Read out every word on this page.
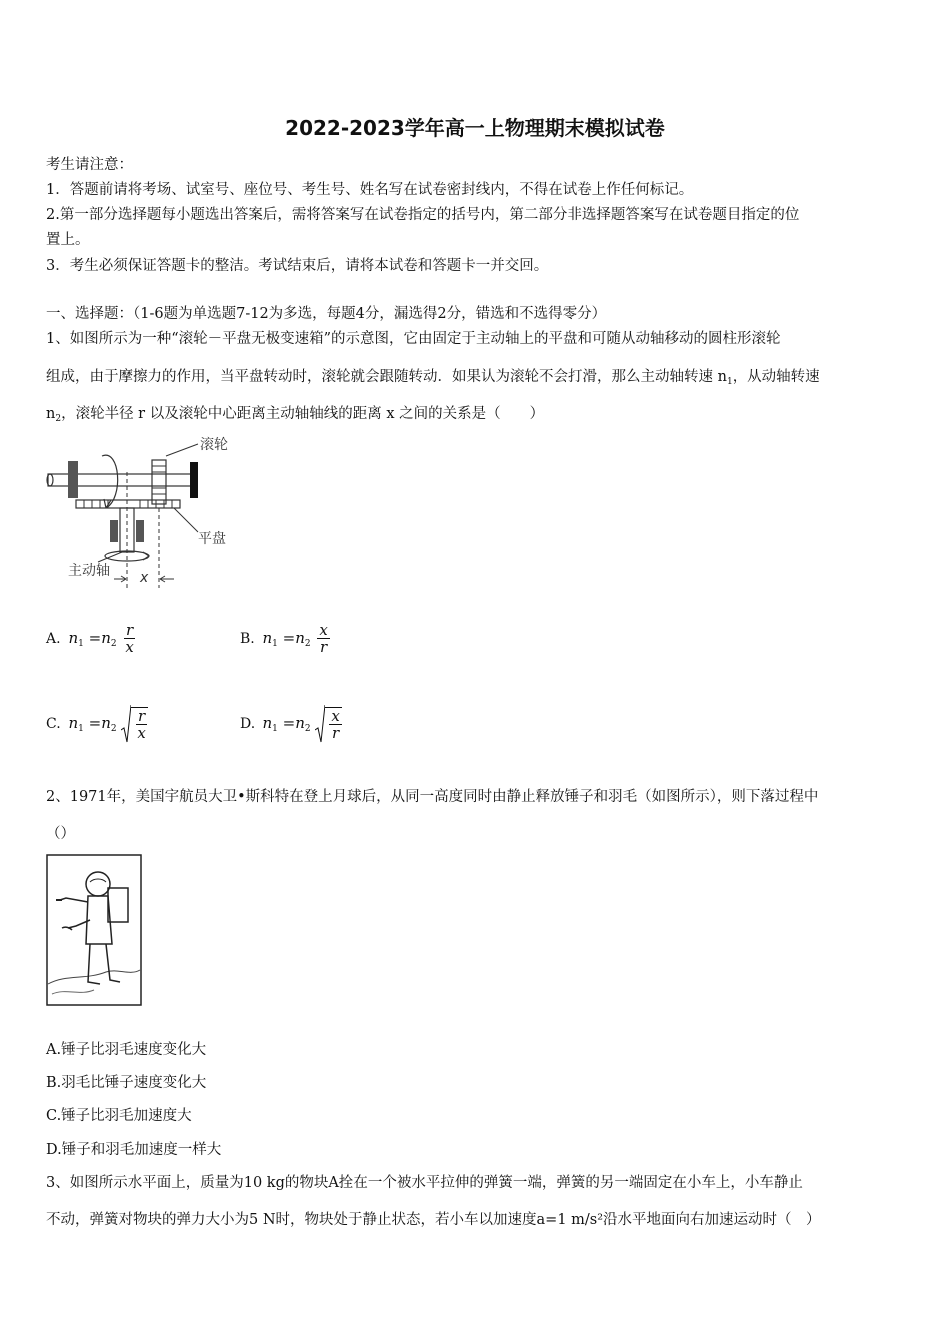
2022-2023学年高一上物理期末模拟试卷
考生请注意：
1．答题前请将考场、试室号、座位号、考生号、姓名写在试卷密封线内，不得在试卷上作任何标记。
2.第一部分选择题每小题选出答案后，需将答案写在试卷指定的括号内，第二部分非选择题答案写在试卷题目指定的位
置上。
3．考生必须保证答题卡的整洁。考试结束后，请将本试卷和答题卡一并交回。
一、选择题：（1-6题为单选题7-12为多选，每题4分，漏选得2分，错选和不选得零分）
1、如图所示为一种“滚轮－平盘无极变速箱”的示意图，它由固定于主动轴上的平盘和可随从动轴移动的圆柱形滚轮
组成，由于摩擦力的作用，当平盘转动时，滚轮就会跟随转动．如果认为滚轮不会打滑，那么主动轴转速 $n_1$，从动轴转速
$n_2$，滚轮半径 r 以及滚轮中心距离主动轴轴线的距离 x 之间的关系是（　　）
滚轮
平盘
主动轴 x
A. $n_1 =n_2 \frac{r}{x}$	B. $n_1 =n_2 \frac{x}{r}$
C. $n_1 =n_2 \frac{r}{x}$	D. $n_1 =n_2 \frac{x}{r}$
2、1971年，美国宇航员大卫•斯科特在登上月球后，从同一高度同时由静止释放锤子和羽毛（如图所示），则下落过程中
（）
A.锤子比羽毛速度变化大
B.羽毛比锤子速度变化大
C.锤子比羽毛加速度大
D.锤子和羽毛加速度一样大
3、如图所示水平面上，质量为10 kg的物块A拴在一个被水平拉伸的弹簧一端，弹簧的另一端固定在小车上，小车静止
不动，弹簧对物块的弹力大小为5 N时，物块处于静止状态，若小车以加速度a=1 m/s²沿水平地面向右加速运动时（　）
